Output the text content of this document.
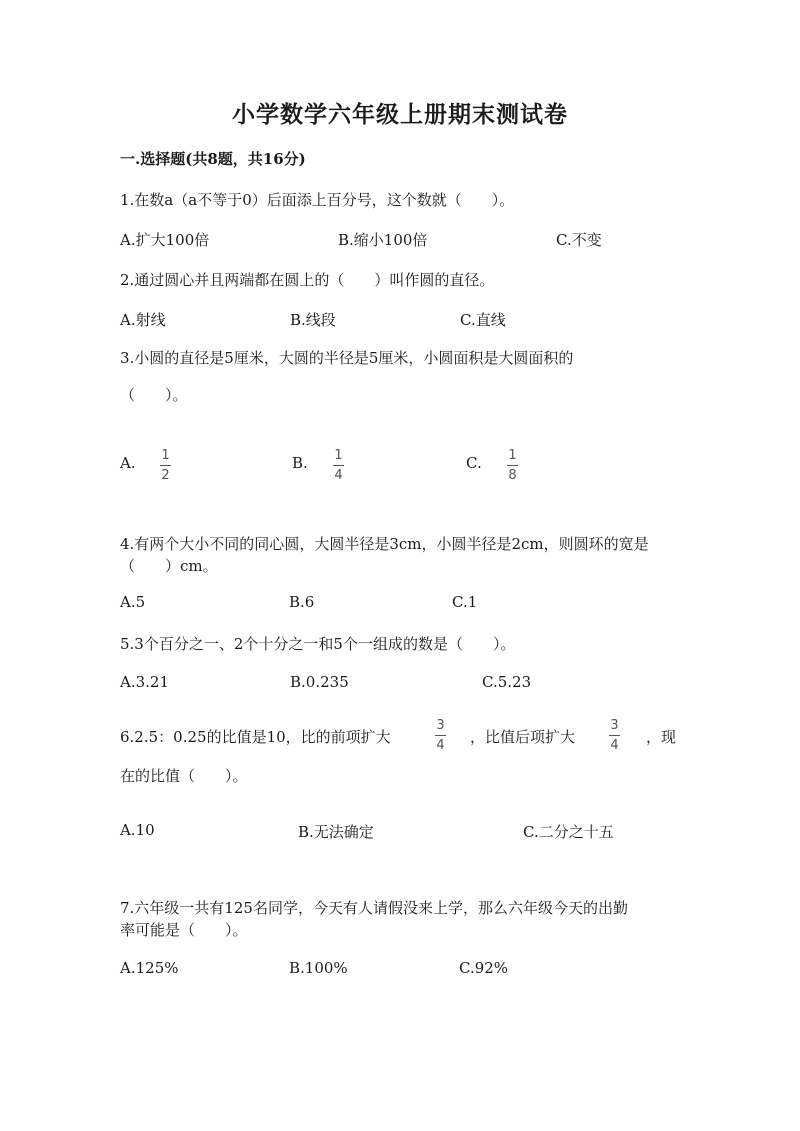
小学数学六年级上册期末测试卷
一.选择题(共8题，共16分)
1.在数a（a不等于0）后面添上百分号，这个数就（　　）。
A.扩大100倍	B.缩小100倍	C.不变
2.通过圆心并且两端都在圆上的（　　）叫作圆的直径。
A.射线	B.线段	C.直线
3.小圆的直径是5厘米，大圆的半径是5厘米，小圆面积是大圆面积的
（　　）。
A. 1
2
B. 1
4
C. 1
8
4.有两个大小不同的同心圆，大圆半径是3cm，小圆半径是2cm，则圆环的宽是
（　　）cm。
A.5	B.6	C.1
5.3个百分之一、2个十分之一和5个一组成的数是（　　）。
A.3.21	B.0.235	C.5.23
6.2.5：0.25的比值是10，比的前项扩大
3
4 ，比值后项扩大
3
4 ，现
在的比值（　　）。
A.10	B.无法确定	C.二分之十五
7.六年级一共有125名同学，今天有人请假没来上学，那么六年级今天的出勤
率可能是（　　）。
A.125%	B.100%	C.92%
